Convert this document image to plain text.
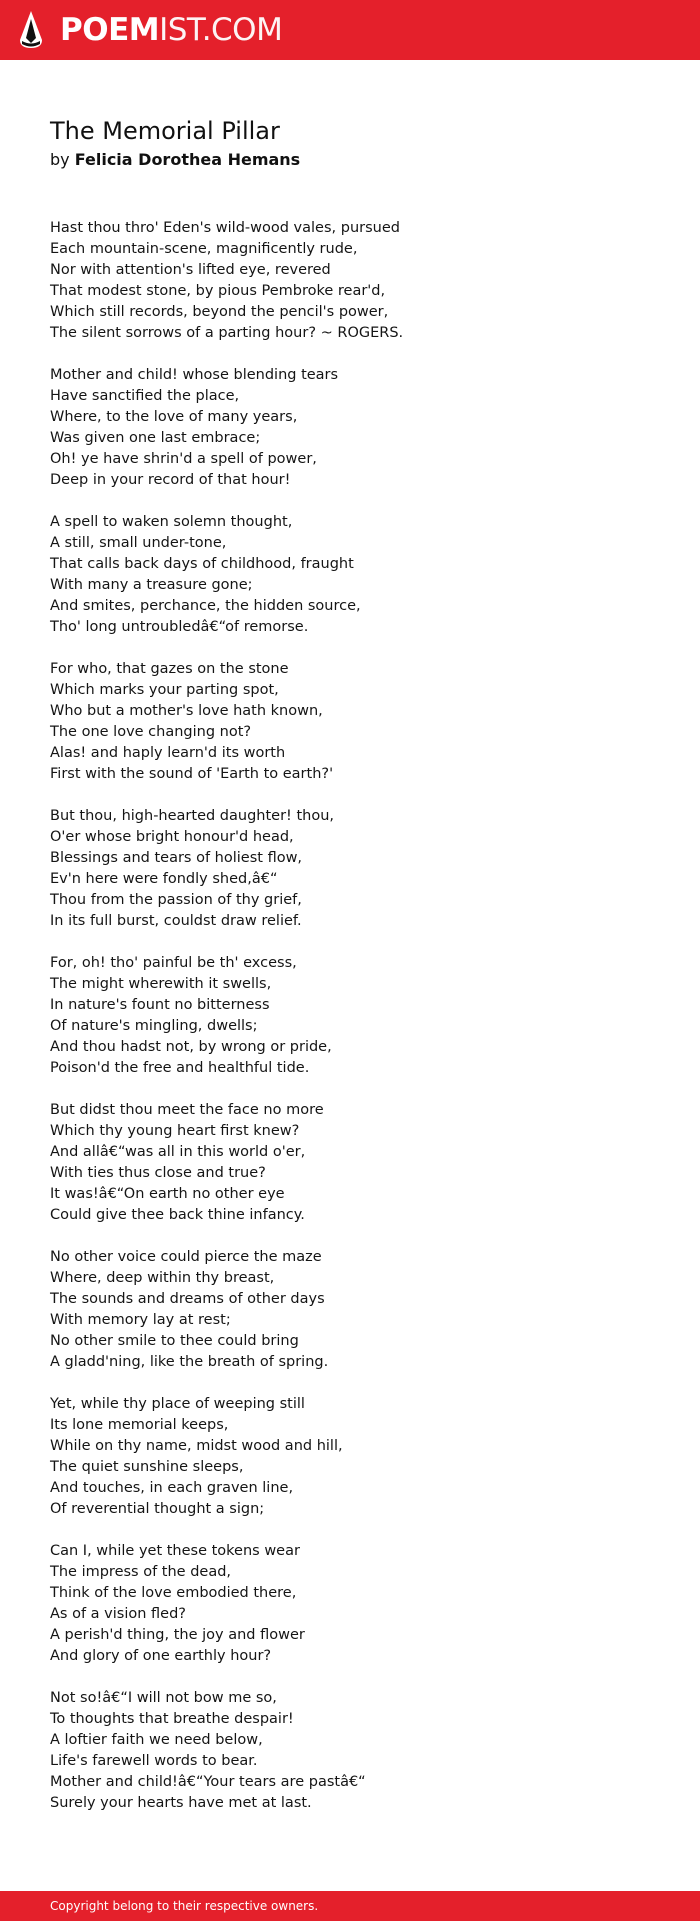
POEMIST.COM
The Memorial Pillar
by Felicia Dorothea Hemans
Hast thou thro' Eden's wild-wood vales, pursued
Each mountain-scene, magnificently rude,
Nor with attention's lifted eye, revered
That modest stone, by pious Pembroke rear'd,
Which still records, beyond the pencil's power,
The silent sorrows of a parting hour? ~ ROGERS.
Mother and child! whose blending tears
Have sanctified the place,
Where, to the love of many years,
Was given one last embrace;
Oh! ye have shrin'd a spell of power,
Deep in your record of that hour!
A spell to waken solemn thought,
A still, small under-tone,
That calls back days of childhood, fraught
With many a treasure gone;
And smites, perchance, the hidden source,
Tho' long untroubledâ€“of remorse.
For who, that gazes on the stone
Which marks your parting spot,
Who but a mother's love hath known,
The one love changing not?
Alas! and haply learn'd its worth
First with the sound of 'Earth to earth?'
But thou, high-hearted daughter! thou,
O'er whose bright honour'd head,
Blessings and tears of holiest flow,
Ev'n here were fondly shed,â€“
Thou from the passion of thy grief,
In its full burst, couldst draw relief.
For, oh! tho' painful be th' excess,
The might wherewith it swells,
In nature's fount no bitterness
Of nature's mingling, dwells;
And thou hadst not, by wrong or pride,
Poison'd the free and healthful tide.
But didst thou meet the face no more
Which thy young heart first knew?
And allâ€“was all in this world o'er,
With ties thus close and true?
It was!â€“On earth no other eye
Could give thee back thine infancy.
No other voice could pierce the maze
Where, deep within thy breast,
The sounds and dreams of other days
With memory lay at rest;
No other smile to thee could bring
A gladd'ning, like the breath of spring.
Yet, while thy place of weeping still
Its lone memorial keeps,
While on thy name, midst wood and hill,
The quiet sunshine sleeps,
And touches, in each graven line,
Of reverential thought a sign;
Can I, while yet these tokens wear
The impress of the dead,
Think of the love embodied there,
As of a vision fled?
A perish'd thing, the joy and flower
And glory of one earthly hour?
Not so!â€“I will not bow me so,
To thoughts that breathe despair!
A loftier faith we need below,
Life's farewell words to bear.
Mother and child!â€“Your tears are pastâ€“
Surely your hearts have met at last.
Copyright belong to their respective owners.
